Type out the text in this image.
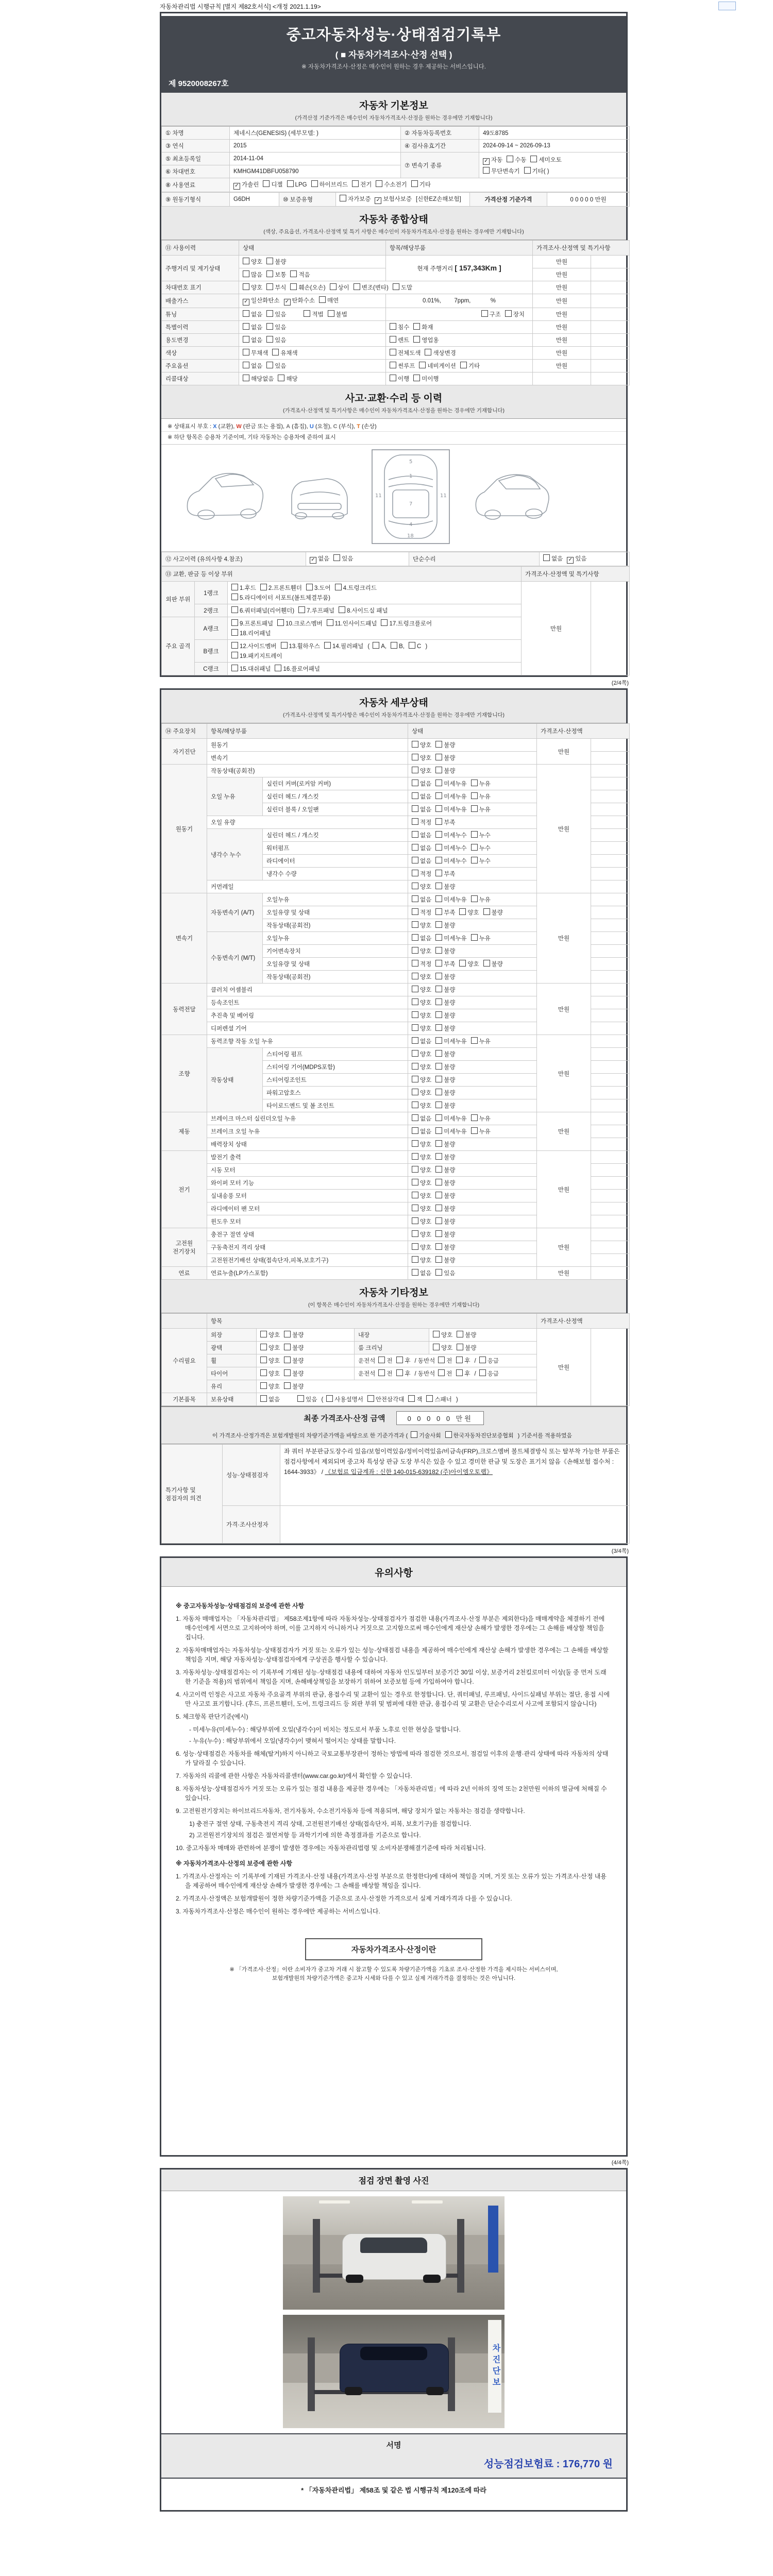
자동차관리법 시행규칙 [별지 제82호서식] <개정 2021.1.19>
중고자동차성능·상태점검기록부
( ■ 자동차가격조사·산정 선택 )
※ 자동차가격조사·산정은 매수인이 원하는 경우 제공하는 서비스입니다.
제 9520008267호
자동차 기본정보
(가격산정 기준가격은 매수인이 자동차가격조사·산정을 원하는 경우에만 기재합니다)
① 차명	제네시스(GENESIS) (세부모델: )	② 자동차등록번호	49도8785
③ 연식	2015	④ 검사유효기간	2024-09-14 ~ 2026-09-13
⑤ 최초등록일	2014-11-04	⑦ 변속기 종류	✓ 자동 수동 세미오토
무단변속기 기타( )

⑥ 차대번호	KMHGM41DBFU058790		
⑧ 사용연료	✓ 가솔린 디젤 LPG 하이브리드 전기 수소전기 기타		
⑨ 원동기형식	G6DH	⑩ 보증유형	자가보증 ✓ 보험사보증 [신한EZ손해보험]	가격산정 기준가격	0 0 0 0 0 만원
자동차 종합상태
(색상, 주요옵션, 가격조사·산정액 및 특기 사항은 매수인이 자동차가격조사·산정을 원하는 경우에만 기재합니다)
⑪ 사용이력	상태	항목/해당부품	가격조사·산정액 및 특기사항	
주행거리 및 계기상태	양호 불량	현재 주행거리 [ 157,343Km ]	만원	
	많음 보통 적음		만원	
차대번호 표기	양호 부식 훼손(오손) 상이 변조(변타) 도말		만원	
배출가스	✓ 일산화탄소 ✓ 탄화수소 매연	0.01%,        7ppm,            %	만원	
튜닝	없음 있음 적법 불법	구조 장치	만원	
특별이력	없음 있음	침수 화재	만원	
용도변경	없음 있음	렌트 영업용	만원	
색상	무채색 유채색	전체도색 색상변경	만원	
주요옵션	없음 있음	썬루프 네비게이션 기타	만원	
리콜대상	해당없음 해당	이행 미이행		
사고·교환·수리 등 이력
(가격조사·산정액 및 특기사항은 매수인이 자동차가격조사·산정을 원하는 경우에만 기재합니다)
※ 상태표시 부호 : X (교환), W (판금 또는 용접), A (흠집), U (요철), C (부식), T (손상)
※ 하단 항목은 승용차 기준이며, 기타 자동차는 승용차에 준하여 표시
5
1
7
4
18
11	11
⑫ 사고이력 (유의사항 4.참조)	✓ 없음 있음	단순수리	없음 ✓ 있음
⑬ 교환, 판금 등 이상 부위			가격조사·산정액 및 특기사항	
외판 부위	1랭크	1.후드 2.프론트휀더 3.도어 4.트렁크리드
5.라디에이터 서포트(볼트체결부품)	만원	
	2랭크	6.쿼터패널(리어휀더) 7.루프패널 8.사이드실 패널		

주요 골격	A랭크	9.프론트패널 10.크로스멤버 11.인사이드패널 17.트렁크플로어
18.리어패널		

	B랭크	12.사이드멤버 13.휠하우스 14.필러패널 ( A, B, C )
19.패키지트레이		

	C랭크	15.대쉬패널 16.플로어패널		
(2/4쪽)
자동차 세부상태
(가격조사·산정액 및 특기사항은 매수인이 자동차가격조사·산정을 원하는 경우에만 기재합니다)
⑭ 주요장치	항목/해당부품		상태	가격조사·산정액	
자기진단	원동기		양호 불량	만원	
	변속기		양호 불량		
원동기	작동상태(공회전)		양호 불량	만원	
	오일 누유	실린더 커버(로커암 커버)	없음 미세누유 누유		
		실린더 헤드 / 개스킷	없음 미세누유 누유		
		실린더 블록 / 오일팬	없음 미세누유 누유		
	오일 유량		적정 부족		
	냉각수 누수	실린더 헤드 / 개스킷	없음 미세누수 누수		
		워터펌프	없음 미세누수 누수		
		라디에이터	없음 미세누수 누수		
		냉각수 수량	적정 부족		
	커먼레일		양호 불량		
변속기	자동변속기 (A/T)	오일누유	없음 미세누유 누유	만원	
		오일유량 및 상태	적정 부족 양호 불량		
		작동상태(공회전)	양호 불량		
	수동변속기 (M/T)	오일누유	없음 미세누유 누유		
		기어변속장치	양호 불량		
		오일유량 및 상태	적정 부족 양호 불량		
		작동상태(공회전)	양호 불량		
동력전달	클러치 어셈블리		양호 불량	만원	
	등속조인트		양호 불량		
	추진축 및 베어링		양호 불량		
	디퍼렌셜 기어		양호 불량		
조향	동력조향 작동 오일 누유		없음 미세누유 누유	만원	
	작동상태	스티어링 펌프	양호 불량		
		스티어링 기어(MDPS포함)	양호 불량		
		스티어링조인트	양호 불량		
		파워고압호스	양호 불량		
		타이로드엔드 및 볼 조인트	양호 불량		
제동	브레이크 마스터 실린더오일 누유		없음 미세누유 누유	만원	
	브레이크 오일 누유		없음 미세누유 누유		
	배력장치 상태		양호 불량		
전기	발전기 출력		양호 불량	만원	
	시동 모터		양호 불량		
	와이퍼 모터 기능		양호 불량		
	실내송풍 모터		양호 불량		
	라디에이터 팬 모터		양호 불량		
	윈도우 모터		양호 불량		
고전원 전기장치	충전구 절연 상태		양호 불량	만원	
	구동축전지 격리 상태		양호 불량		
	고전원전기배선 상태(접속단자,피복,보호기구)		양호 불량		
연료	연료누출(LP가스포함)		없음 있음	만원	
자동차 기타정보
(이 항목은 매수인이 자동차가격조사·산정을 원하는 경우에만 기재합니다)
	항목				가격조사·산정액	
수리필요	외장	양호 불량	내장	양호 불량	만원	
	광택	양호 불량	룸 크리닝	양호 불량		
	휠	양호 불량	운전석 전 후 / 동반석 전 후 / 응급			
	타이어	양호 불량	운전석 전 후 / 동반석 전 후 / 응급			
	유리	양호 불량				
기본품목	보유상태	없음 있음 ( 사용설명서 안전삼각대 잭 스패너 )				
최종 가격조사·산정 금액	0 0 0 0 0 만원
이 가격조사·산정가격은 보험개발원의 차량기준가액을 바탕으로 한 기준가격과 ( 기술사회 한국자동차진단보증협회 ) 기준서를 적용하였음
특기사항 및 점검자의 의견	성능·상태점검자	좌 쿼터 부분판금도장수리 있음/보험이력있음/정비이력있음/비금속(FRP),크로스멤버 볼트체결방식 또는 탈부착 가능한 부품은 점검사항에서 제외되며 중고차 특성상 판금 도장 부식은 있을 수 있고 경미한 판금 및 도장은 표기치 않음《손해보험 접수처 : 1644-3933》 / 《보험료 입금계좌 : 신한 140-015-639182 (주)아이엠오토랩》
	가격·조사산정자	
(3/4쪽)
유의사항
※ 중고자동차성능·상태점검의 보증에 관한 사항
1. 자동차 매매업자는 「자동차관리법」 제58조제1항에 따라 자동차성능·상태점검자가 점검한 내용(가격조사·산정 부분은 제외한다)을 매매계약을 체결하기 전에 매수인에게 서면으로 고지하여야 하며, 이를 고지하지 아니하거나 거짓으로 고지함으로써 매수인에게 재산상 손해가 발생한 경우에는 그 손해를 배상할 책임을 집니다.
2. 자동차매매업자는 자동차성능·상태점검자가 거짓 또는 오류가 있는 성능·상태점검 내용을 제공하여 매수인에게 재산상 손해가 발생한 경우에는 그 손해를 배상할 책임을 지며, 해당 자동차성능·상태점검자에게 구상권을 행사할 수 있습니다.
3. 자동차성능·상태점검자는 이 기록부에 기재된 성능·상태점검 내용에 대하여 자동차 인도일부터 보증기간 30일 이상, 보증거리 2천킬로미터 이상(둘 중 먼저 도래한 기준을 적용)의 범위에서 책임을 지며, 손해배상책임을 보장하기 위하여 보증보험 등에 가입하여야 합니다.
4. 사고이력 인정은 사고로 자동차 주요골격 부위의 판금, 용접수리 및 교환이 있는 경우로 한정합니다. 단, 쿼터패널, 루프패널, 사이드실패널 부위는 절단, 용접 시에만 사고로 표기합니다. (후드, 프론트휀더, 도어, 트렁크리드 등 외판 부위 및 범퍼에 대한 판금, 용접수리 및 교환은 단순수리로서 사고에 포함되지 않습니다)
5. 체크항목 판단기준(예시)
- 미세누유(미세누수) : 해당부위에 오일(냉각수)이 비치는 정도로서 부품 노후로 인한 현상을 말합니다.
- 누유(누수) : 해당부위에서 오일(냉각수)이 맺혀서 떨어지는 상태를 말합니다.
6. 성능·상태점검은 자동차를 해체(탈거)하지 아니하고 국토교통부장관이 정하는 방법에 따라 점검한 것으로서, 점검일 이후의 운행·관리 상태에 따라 자동차의 상태가 달라질 수 있습니다.
7. 자동차의 리콜에 관한 사항은 자동차리콜센터(www.car.go.kr)에서 확인할 수 있습니다.
8. 자동차성능·상태점검자가 거짓 또는 오류가 있는 점검 내용을 제공한 경우에는 「자동차관리법」에 따라 2년 이하의 징역 또는 2천만원 이하의 벌금에 처해질 수 있습니다.
9. 고전원전기장치는 하이브리드자동차, 전기자동차, 수소전기자동차 등에 적용되며, 해당 장치가 없는 자동차는 점검을 생략합니다.
1) 충전구 절연 상태, 구동축전지 격리 상태, 고전원전기배선 상태(접속단자, 피복, 보호기구)를 점검합니다.
2) 고전원전기장치의 점검은 절연저항 등 과학기기에 의한 측정결과를 기준으로 합니다.
10. 중고자동차 매매와 관련하여 분쟁이 발생한 경우에는 자동차관리법령 및 소비자분쟁해결기준에 따라 처리됩니다.
※ 자동차가격조사·산정의 보증에 관한 사항
1. 가격조사·산정자는 이 기록부에 기재된 가격조사·산정 내용(가격조사·산정 부분으로 한정한다)에 대하여 책임을 지며, 거짓 또는 오류가 있는 가격조사·산정 내용을 제공하여 매수인에게 재산상 손해가 발생한 경우에는 그 손해를 배상할 책임을 집니다.
2. 가격조사·산정액은 보험개발원이 정한 차량기준가액을 기준으로 조사·산정한 가격으로서 실제 거래가격과 다를 수 있습니다.
3. 자동차가격조사·산정은 매수인이 원하는 경우에만 제공하는 서비스입니다.
자동차가격조사·산정이란
※ 「가격조사·산정」이란 소비자가 중고차 거래 시 참고할 수 있도록 차량기준가액을 기초로 조사·산정한 가격을 제시하는 서비스이며,
보험개발원의 차량기준가액은 중고차 시세와 다를 수 있고 실제 거래가격을 결정하는 것은 아닙니다.
(4/4쪽)
점검 장면 촬영 사진
차진단보
서명
성능점검보험료 : 176,770 원
* 「자동차관리법」 제58조 및 같은 법 시행규칙 제120조에 따라
